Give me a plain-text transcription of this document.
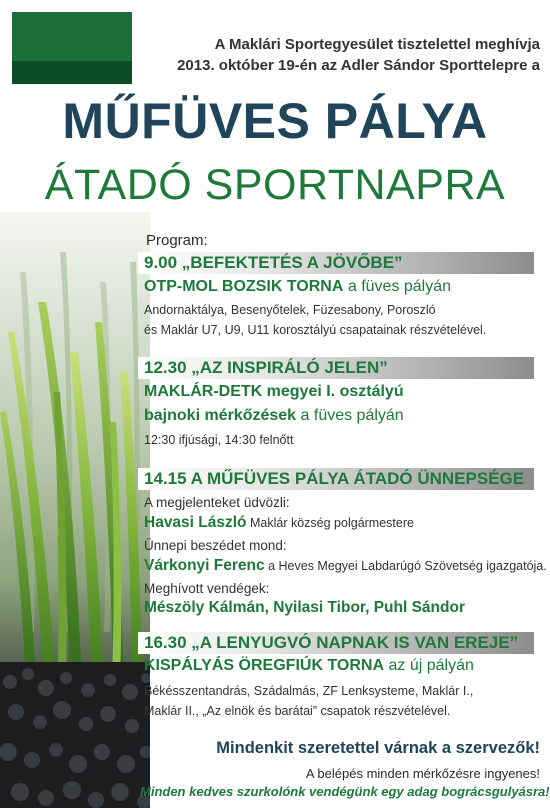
A Maklári Sportegyesület tisztelettel meghívja
2013. október 19-én az Adler Sándor Sporttelepre a
MŰFÜVES PÁLYA
ÁTADÓ SPORTNAPRA
Program:
9.00 „BEFEKTETÉS A JÖVŐBE”
OTP-MOL BOZSIK TORNA a füves pályán
Andornaktálya, Besenyőtelek, Füzesabony, Poroszló
és Maklár U7, U9, U11 korosztályú csapatainak részvételével.
12.30 „AZ INSPIRÁLÓ JELEN”
MAKLÁR-DETK megyei I. osztályú
bajnoki mérkőzések a füves pályán
12:30 ifjúsági, 14:30 felnőtt
14.15 A MŰFÜVES PÁLYA ÁTADÓ ÜNNEPSÉGE
A megjelenteket üdvözli:
Havasi László Maklár község polgármestere
Ünnepi beszédet mond:
Várkonyi Ferenc a Heves Megyei Labdarúgó Szövetség igazgatója.
Meghívott vendégek:
Mészöly Kálmán, Nyilasi Tibor, Puhl Sándor
16.30 „A LENYUGVÓ NAPNAK IS VAN EREJE”
KISPÁLYÁS ÖREGFIÚK TORNA az új pályán
Békésszentandrás, Szádalmás, ZF Lenksysteme, Maklár I.,
Maklár II., „Az elnök és barátai” csapatok részvételével.
Mindenkit szeretettel várnak a szervezők!
A belépés minden mérkőzésre ingyenes!
Minden kedves szurkolónk vendégünk egy adag bográcsgulyásra!
